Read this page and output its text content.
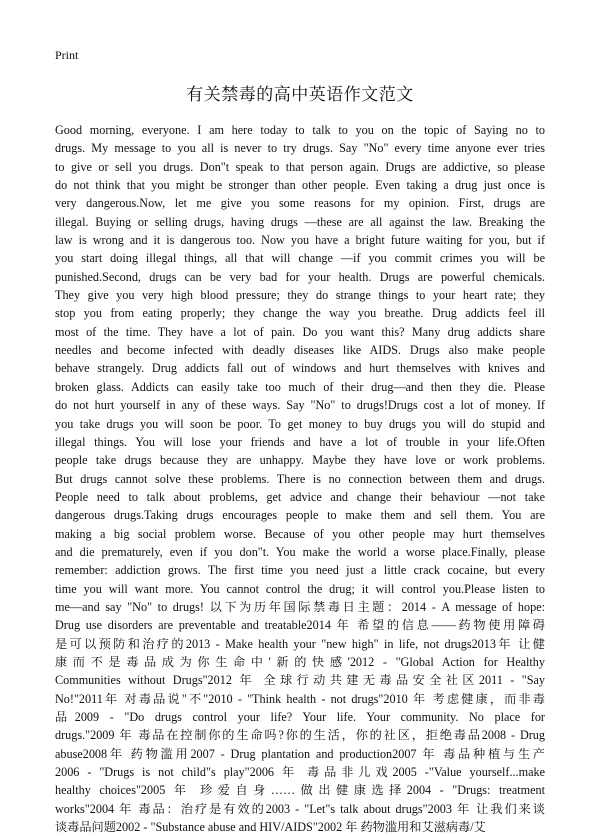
Print
有关禁毒的高中英语作文范文
Good morning, everyone. I am here today to talk to you on the topic of Saying no to
drugs. My message to you all is never to try drugs. Say "No" every time anyone ever tries
to give or sell you drugs. Don"t speak to that person again. Drugs are addictive, so please
do not think that you might be stronger than other people. Even taking a drug just once is
very dangerous.Now, let me give you some reasons for my opinion. First, drugs are
illegal. Buying or selling drugs, having drugs —these are all against the law. Breaking the
law is wrong and it is dangerous too. Now you have a bright future waiting for you, but if
you start doing illegal things, all that will change —if you commit crimes you will be
punished.Second, drugs can be very bad for your health. Drugs are powerful chemicals.
They give you very high blood pressure; they do strange things to your heart rate; they
stop you from eating properly; they change the way you breathe. Drug addicts feel ill
most of the time. They have a lot of pain. Do you want this? Many drug addicts share
needles and become infected with deadly diseases like AIDS. Drugs also make people
behave strangely. Drug addicts fall out of windows and hurt themselves with knives and
broken glass. Addicts can easily take too much of their drug—and then they die. Please
do not hurt yourself in any of these ways. Say "No" to drugs!Drugs cost a lot of money. If
you take drugs you will soon be poor. To get money to buy drugs you will do stupid and
illegal things. You will lose your friends and have a lot of trouble in your life.Often
people take drugs because they are unhappy. Maybe they have love or work problems.
But drugs cannot solve these problems. There is no connection between them and drugs.
People need to talk about problems, get advice and change their behaviour —not take
dangerous drugs.Taking drugs encourages people to make them and sell them. You are
making a big social problem worse. Because of you other people may hurt themselves
and die prematurely, even if you don"t. You make the world a worse place.Finally, please
remember: addiction grows. The first time you need just a little crack cocaine, but every
time you will want more. You cannot control the drug; it will control you.Please listen to
me—and say "No" to drugs! 以下为历年国际禁毒日主题：2014 - A message of hope:
Drug use disorders are preventable and treatable2014 年 希望的信息——药物使用障碍
是可以预防和治疗的2013 - Make health your "new high" in life, not drugs2013年 让健
康而不是毒品成为你生命中'新的快感'2012 - "Global Action for Healthy
Communities without Drugs"2012 年 全球行动共建无毒品安全社区2011 - "Say
No!"2011年 对毒品说"不"2010 - "Think health - not drugs"2010 年 考虑健康，而非毒
品2009 - "Do drugs control your life? Your life. Your community. No place for
drugs."2009 年 毒品在控制你的生命吗?你的生活，你的社区，拒绝毒品2008 - Drug
abuse2008年 药物滥用2007 - Drug plantation and production2007 年 毒品种植与生产
2006 - "Drugs is not child"s play"2006 年 毒品非儿戏2005 -"Value yourself...make
healthy choices"2005 年 珍爱自身……做出健康选择2004 - "Drugs: treatment
works"2004 年 毒品：治疗是有效的2003 - "Let"s talk about drugs"2003 年 让我们来谈
谈毒品问题2002 - "Substance abuse and HIV/AIDS"2002 年 药物滥用和艾滋病毒/艾
